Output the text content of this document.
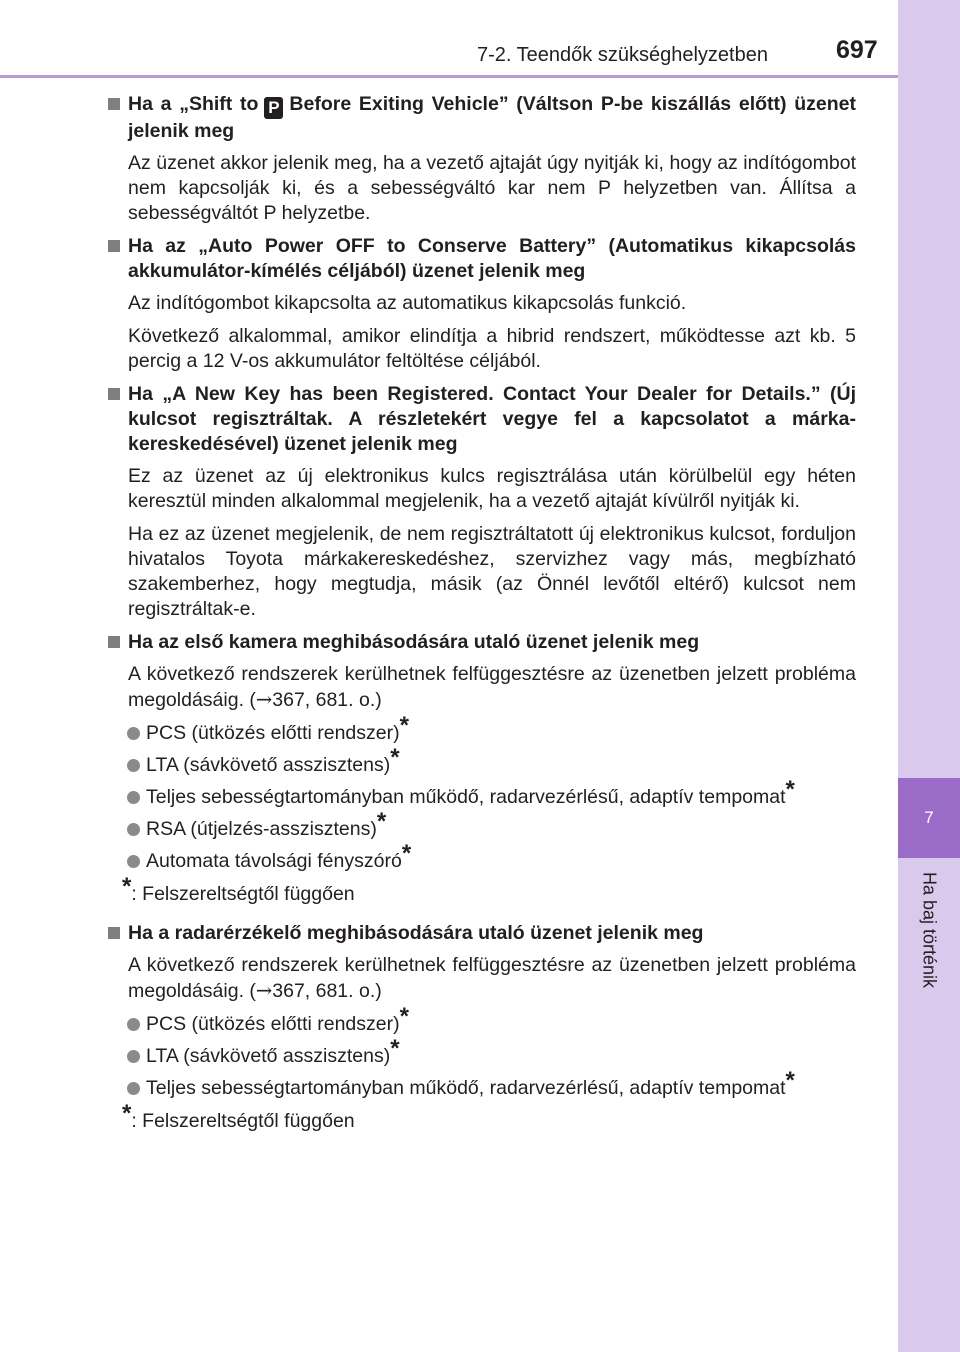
7-2. Teendők szükséghelyzetben	697
7
Ha baj történik
Ha a „Shift to P Before Exiting Vehicle” (Váltson P-be kiszállás előtt) üzenet jelenik meg

Az üzenet akkor jelenik meg, ha a vezető ajtaját úgy nyitják ki, hogy az indítógombot nem kapcsolják ki, és a sebességváltó kar nem P helyzetben van. Állítsa a sebességváltót P helyzetbe.

Ha az „Auto Power OFF to Conserve Battery” (Automatikus kikapcsolás akkumulátor-kímélés céljából) üzenet jelenik meg

Az indítógombot kikapcsolta az automatikus kikapcsolás funkció.

Következő alkalommal, amikor elindítja a hibrid rendszert, működtesse azt kb. 5 percig a 12 V-os akkumulátor feltöltése céljából.

Ha „A New Key has been Registered. Contact Your Dealer for Details.” (Új kulcsot regisztráltak. A részletekért vegye fel a kapcsolatot a márkakereskedésével) üzenet jelenik meg

Ez az üzenet az új elektronikus kulcs regisztrálása után körülbelül egy héten keresztül minden alkalommal megjelenik, ha a vezető ajtaját kívülről nyitják ki.

Ha ez az üzenet megjelenik, de nem regisztráltatott új elektronikus kulcsot, forduljon hivatalos Toyota márkakereskedéshez, szervizhez vagy más, megbízható szakemberhez, hogy megtudja, másik (az Önnél levőtől eltérő) kulcsot nem regisztráltak-e.

Ha az első kamera meghibásodására utaló üzenet jelenik meg

A következő rendszerek kerülhetnek felfüggesztésre az üzenetben jelzett probléma megoldásáig. (→367, 681. o.)

PCS (ütközés előtti rendszer)*
LTA (sávkövető asszisztens)*
Teljes sebességtartományban működő, radarvezérlésű, adaptív tempomat*
RSA (útjelzés-asszisztens)*
Automata távolsági fényszóró*
*: Felszereltségtől függően
Ha a radarérzékelő meghibásodására utaló üzenet jelenik meg

A következő rendszerek kerülhetnek felfüggesztésre az üzenetben jelzett probléma megoldásáig. (→367, 681. o.)

PCS (ütközés előtti rendszer)*
LTA (sávkövető asszisztens)*
Teljes sebességtartományban működő, radarvezérlésű, adaptív tempomat*
*: Felszereltségtől függően
